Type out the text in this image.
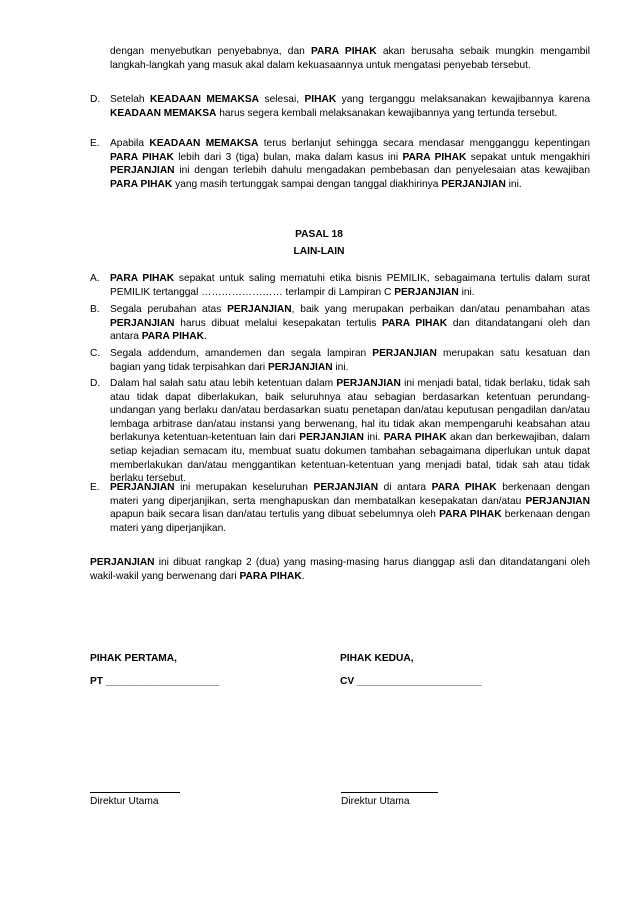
dengan menyebutkan penyebabnya, dan PARA PIHAK akan berusaha sebaik mungkin mengambil langkah-langkah yang masuk akal dalam kekuasaannya untuk mengatasi penyebab tersebut.
D. Setelah KEADAAN MEMAKSA selesai, PIHAK yang terganggu melaksanakan kewajibannya karena KEADAAN MEMAKSA harus segera kembali melaksanakan kewajibannya yang tertunda tersebut.
E.	Apabila KEADAAN MEMAKSA terus berlanjut sehingga secara mendasar mengganggu kepentingan PARA PIHAK lebih dari 3 (tiga) bulan, maka dalam kasus ini PARA PIHAK sepakat untuk mengakhiri PERJANJIAN ini dengan terlebih dahulu mengadakan pembebasan dan penyelesaian atas kewajiban PARA PIHAK yang masih tertunggak sampai dengan tanggal diakhirinya PERJANJIAN ini.
PASAL 18
LAIN-LAIN
A.	PARA PIHAK sepakat untuk saling mematuhi etika bisnis PEMILIK, sebagaimana tertulis dalam surat PEMILIK tertanggal …………………… terlampir di Lampiran C PERJANJIAN ini.
B.	Segala perubahan atas PERJANJIAN, baik yang merupakan perbaikan dan/atau penambahan atas PERJANJIAN harus dibuat melalui kesepakatan tertulis PARA PIHAK dan ditandatangani oleh dan antara PARA PIHAK.
C. Segala addendum, amandemen dan segala lampiran PERJANJIAN merupakan satu kesatuan dan bagian yang tidak terpisahkan dari PERJANJIAN ini.
D. Dalam hal salah satu atau lebih ketentuan dalam PERJANJIAN ini menjadi batal, tidak berlaku, tidak sah atau tidak dapat diberlakukan, baik seluruhnya atau sebagian berdasarkan ketentuan perundang-undangan yang berlaku dan/atau berdasarkan suatu penetapan dan/atau keputusan pengadilan dan/atau lembaga arbitrase dan/atau instansi yang berwenang, hal itu tidak akan mempengaruhi keabsahan atau berlakunya ketentuan-ketentuan lain dari PERJANJIAN ini. PARA PIHAK akan dan berkewajiban, dalam setiap kejadian semacam itu, membuat suatu dokumen tambahan sebagaimana diperlukan untuk dapat memberlakukan dan/atau menggantikan ketentuan-ketentuan yang menjadi batal, tidak sah atau tidak berlaku tersebut.
E.	PERJANJIAN ini merupakan keseluruhan PERJANJIAN di antara PARA PIHAK berkenaan dengan materi yang diperjanjikan, serta menghapuskan dan membatalkan kesepakatan dan/atau PERJANJIAN apapun baik secara lisan dan/atau tertulis yang dibuat sebelumnya oleh PARA PIHAK berkenaan dengan materi yang diperjanjikan.
PERJANJIAN ini dibuat rangkap 2 (dua) yang masing-masing harus dianggap asli dan ditandatangani oleh wakil-wakil yang berwenang dari PARA PIHAK.
PIHAK PERTAMA,	PIHAK KEDUA,
PT ____________________	CV ______________________
Direktur Utama	Direktur Utama
